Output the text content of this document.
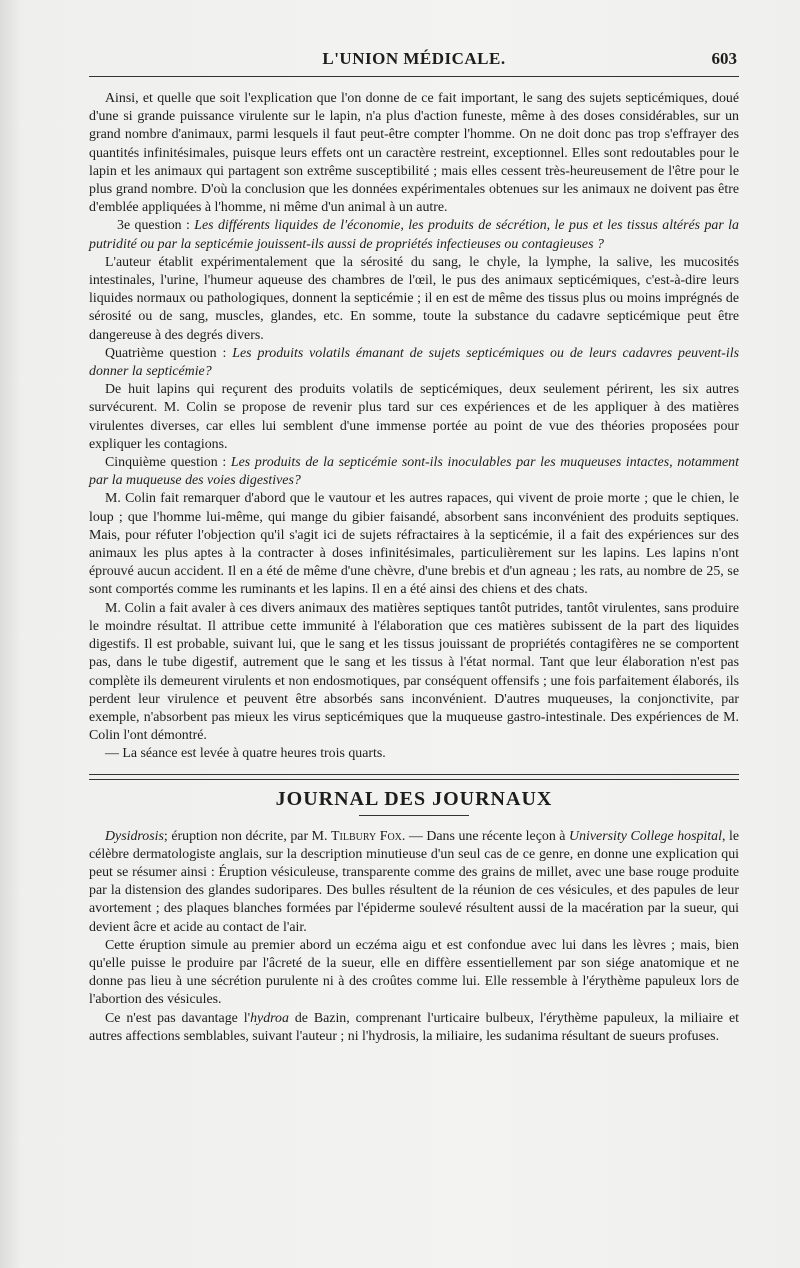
L'UNION MÉDICALE.	603

Ainsi, et quelle que soit l'explication que l'on donne de ce fait important, le sang des sujets septicémiques, doué d'une si grande puissance virulente sur le lapin, n'a plus d'action funeste, même à des doses considérables, sur un grand nombre d'animaux, parmi lesquels il faut peut-être compter l'homme. On ne doit donc pas trop s'effrayer des quantités infinitésimales, puisque leurs effets ont un caractère restreint, exceptionnel. Elles sont redoutables pour le lapin et les animaux qui partagent son extrême susceptibilité ; mais elles cessent très-heureusement de l'être pour le plus grand nombre. D'où la conclusion que les données expérimentales obtenues sur les animaux ne doivent pas être d'emblée appliquées à l'homme, ni même d'un animal à un autre.

3e question : Les différents liquides de l'économie, les produits de sécrétion, le pus et les tissus altérés par la putridité ou par la septicémie jouissent-ils aussi de propriétés infectieuses ou contagieuses ?

L'auteur établit expérimentalement que la sérosité du sang, le chyle, la lymphe, la salive, les mucosités intestinales, l'urine, l'humeur aqueuse des chambres de l'œil, le pus des animaux septicémiques, c'est-à-dire leurs liquides normaux ou pathologiques, donnent la septicémie ; il en est de même des tissus plus ou moins imprégnés de sérosité ou de sang, muscles, glandes, etc. En somme, toute la substance du cadavre septicémique peut être dangereuse à des degrés divers.

Quatrième question : Les produits volatils émanant de sujets septicémiques ou de leurs cadavres peuvent-ils donner la septicémie?

De huit lapins qui reçurent des produits volatils de septicémiques, deux seulement périrent, les six autres survécurent. M. Colin se propose de revenir plus tard sur ces expériences et de les appliquer à des matières virulentes diverses, car elles lui semblent d'une immense portée au point de vue des théories proposées pour expliquer les contagions.

Cinquième question : Les produits de la septicémie sont-ils inoculables par les muqueuses intactes, notamment par la muqueuse des voies digestives?

M. Colin fait remarquer d'abord que le vautour et les autres rapaces, qui vivent de proie morte ; que le chien, le loup ; que l'homme lui-même, qui mange du gibier faisandé, absorbent sans inconvénient des produits septiques. Mais, pour réfuter l'objection qu'il s'agit ici de sujets réfractaires à la septicémie, il a fait des expériences sur des animaux les plus aptes à la contracter à doses infinitésimales, particulièrement sur les lapins. Les lapins n'ont éprouvé aucun accident. Il en a été de même d'une chèvre, d'une brebis et d'un agneau ; les rats, au nombre de 25, se sont comportés comme les ruminants et les lapins. Il en a été ainsi des chiens et des chats.

M. Colin a fait avaler à ces divers animaux des matières septiques tantôt putrides, tantôt virulentes, sans produire le moindre résultat. Il attribue cette immunité à l'élaboration que ces matières subissent de la part des liquides digestifs. Il est probable, suivant lui, que le sang et les tissus jouissant de propriétés contagifères ne se comportent pas, dans le tube digestif, autrement que le sang et les tissus à l'état normal. Tant que leur élaboration n'est pas complète ils demeurent virulents et non endosmotiques, par conséquent offensifs ; une fois parfaitement élaborés, ils perdent leur virulence et peuvent être absorbés sans inconvénient. D'autres muqueuses, la conjonctivite, par exemple, n'absorbent pas mieux les virus septicémiques que la muqueuse gastro-intestinale. Des expériences de M. Colin l'ont démontré.

— La séance est levée à quatre heures trois quarts.

JOURNAL DES JOURNAUX

Dysidrosis; éruption non décrite, par M. Tilbury Fox. — Dans une récente leçon à University College hospital, le célèbre dermatologiste anglais, sur la description minutieuse d'un seul cas de ce genre, en donne une explication qui peut se résumer ainsi : Éruption vésiculeuse, transparente comme des grains de millet, avec une base rouge produite par la distension des glandes sudoripares. Des bulles résultent de la réunion de ces vésicules, et des papules de leur avortement ; des plaques blanches formées par l'épiderme soulevé résultent aussi de la macération par la sueur, qui devient âcre et acide au contact de l'air.

Cette éruption simule au premier abord un eczéma aigu et est confondue avec lui dans les lèvres ; mais, bien qu'elle puisse le produire par l'âcreté de la sueur, elle en diffère essentiellement par son siége anatomique et ne donne pas lieu à une sécrétion purulente ni à des croûtes comme lui. Elle ressemble à l'érythème papuleux lors de l'abortion des vésicules.

Ce n'est pas davantage l'hydroa de Bazin, comprenant l'urticaire bulbeux, l'érythème papuleux, la miliaire et autres affections semblables, suivant l'auteur ; ni l'hydrosis, la miliaire, les sudanima résultant de sueurs profuses.
